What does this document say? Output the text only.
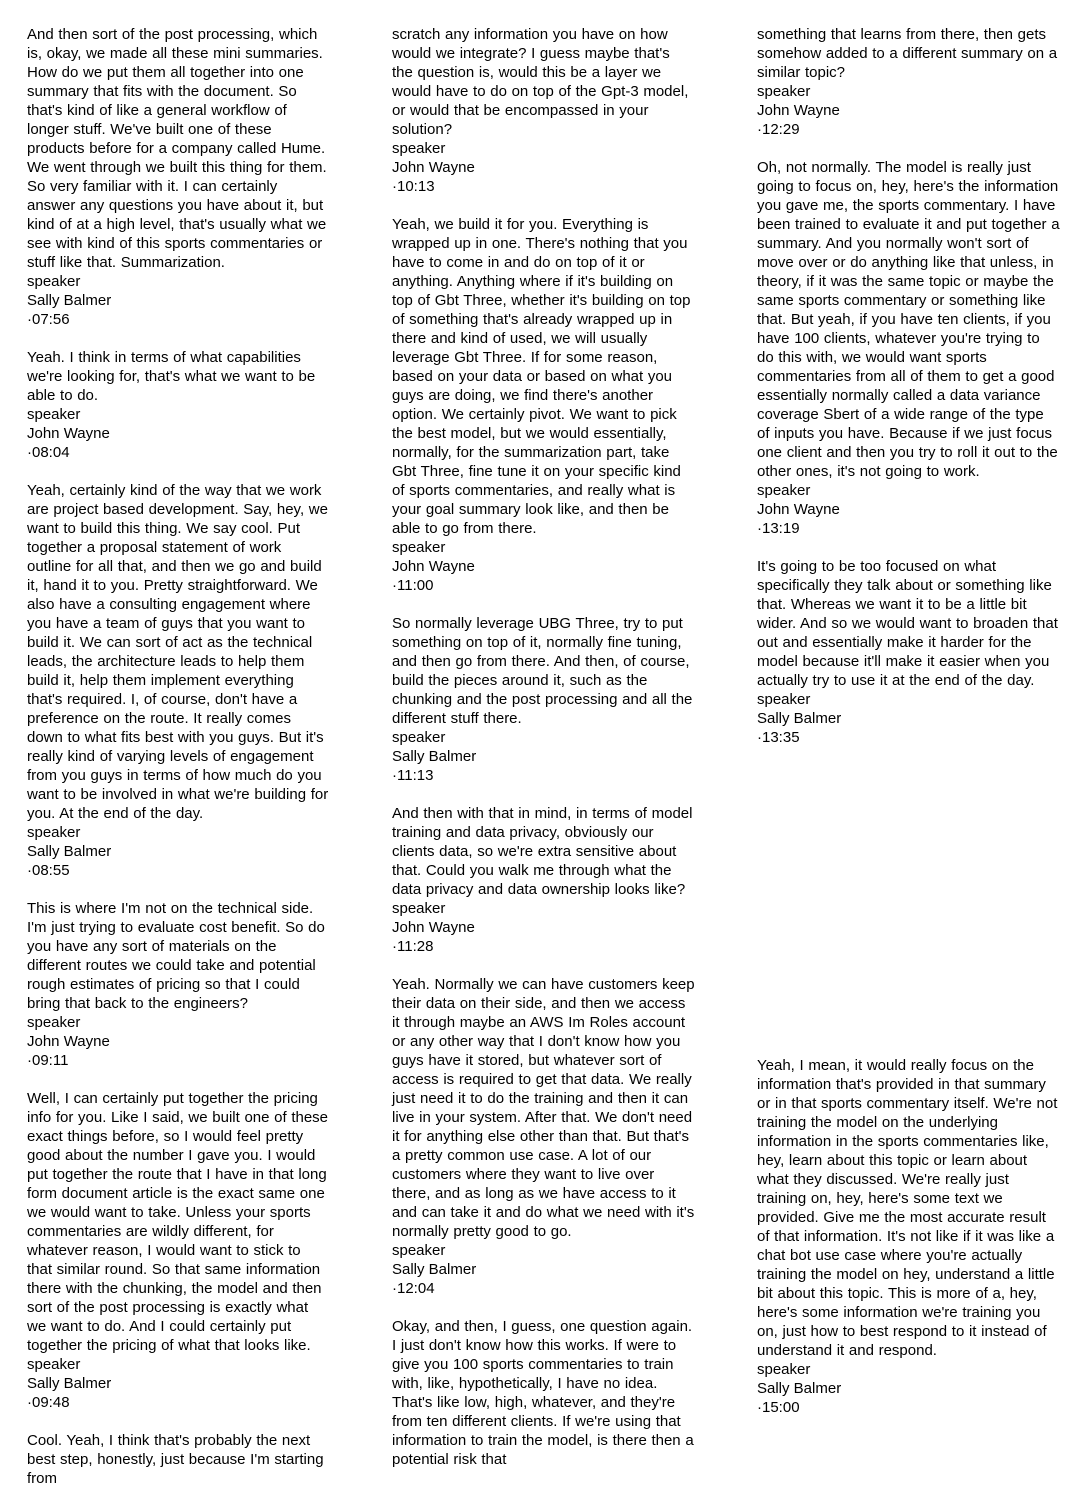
And then sort of the post processing, which is, okay, we made all these mini summaries. How do we put them all together into one summary that fits with the document. So that's kind of like a general workflow of longer stuff. We've built one of these products before for a company called Hume. We went through we built this thing for them. So very familiar with it. I can certainly answer any questions you have about it, but kind of at a high level, that's usually what we see with kind of this sports commentaries or stuff like that. Summarization.

speaker
Sally Balmer
·07:56

Yeah. I think in terms of what capabilities we're looking for, that's what we want to be able to do.

speaker
John Wayne
·08:04

Yeah, certainly kind of the way that we work are project based development. Say, hey, we want to build this thing. We say cool. Put together a proposal statement of work outline for all that, and then we go and build it, hand it to you. Pretty straightforward. We also have a consulting engagement where you have a team of guys that you want to build it. We can sort of act as the technical leads, the architecture leads to help them build it, help them implement everything that's required. I, of course, don't have a preference on the route. It really comes down to what fits best with you guys. But it's really kind of varying levels of engagement from you guys in terms of how much do you want to be involved in what we're building for you. At the end of the day.

speaker
Sally Balmer
·08:55

This is where I'm not on the technical side. I'm just trying to evaluate cost benefit. So do you have any sort of materials on the different routes we could take and potential rough estimates of pricing so that I could bring that back to the engineers?

speaker
John Wayne
·09:11

Well, I can certainly put together the pricing info for you. Like I said, we built one of these exact things before, so I would feel pretty good about the number I gave you. I would put together the route that I have in that long form document article is the exact same one we would want to take. Unless your sports commentaries are wildly different, for whatever reason, I would want to stick to that similar round. So that same information there with the chunking, the model and then sort of the post processing is exactly what we want to do. And I could certainly put together the pricing of what that looks like.

speaker
Sally Balmer
·09:48

Cool. Yeah, I think that's probably the next best step, honestly, just because I'm starting from

scratch any information you have on how would we integrate? I guess maybe that's the question is, would this be a layer we would have to do on top of the Gpt-3 model, or would that be encompassed in your solution?

speaker
John Wayne
·10:13

Yeah, we build it for you. Everything is wrapped up in one. There's nothing that you have to come in and do on top of it or anything. Anything where if it's building on top of Gbt Three, whether it's building on top of something that's already wrapped up in there and kind of used, we will usually leverage Gbt Three. If for some reason, based on your data or based on what you guys are doing, we find there's another option. We certainly pivot. We want to pick the best model, but we would essentially, normally, for the summarization part, take Gbt Three, fine tune it on your specific kind of sports commentaries, and really what is your goal summary look like, and then be able to go from there.

speaker
John Wayne
·11:00

So normally leverage UBG Three, try to put something on top of it, normally fine tuning, and then go from there. And then, of course, build the pieces around it, such as the chunking and the post processing and all the different stuff there.

speaker
Sally Balmer
·11:13

And then with that in mind, in terms of model training and data privacy, obviously our clients data, so we're extra sensitive about that. Could you walk me through what the data privacy and data ownership looks like?

speaker
John Wayne
·11:28

Yeah. Normally we can have customers keep their data on their side, and then we access it through maybe an AWS Im Roles account or any other way that I don't know how you guys have it stored, but whatever sort of access is required to get that data. We really just need it to do the training and then it can live in your system. After that. We don't need it for anything else other than that. But that's a pretty common use case. A lot of our customers where they want to live over there, and as long as we have access to it and can take it and do what we need with it's normally pretty good to go.

speaker
Sally Balmer
·12:04

Okay, and then, I guess, one question again. I just don't know how this works. If were to give you 100 sports commentaries to train with, like, hypothetically, I have no idea. That's like low, high, whatever, and they're from ten different clients. If we're using that information to train the model, is there then a potential risk that

something that learns from there, then gets somehow added to a different summary on a similar topic?

speaker
John Wayne
·12:29

Oh, not normally. The model is really just going to focus on, hey, here's the information you gave me, the sports commentary. I have been trained to evaluate it and put together a summary. And you normally won't sort of move over or do anything like that unless, in theory, if it was the same topic or maybe the same sports commentary or something like that. But yeah, if you have ten clients, if you have 100 clients, whatever you're trying to do this with, we would want sports commentaries from all of them to get a good essentially normally called a data variance coverage Sbert of a wide range of the type of inputs you have. Because if we just focus one client and then you try to roll it out to the other ones, it's not going to work.

speaker
John Wayne
·13:19

It's going to be too focused on what specifically they talk about or something like that. Whereas we want it to be a little bit wider. And so we would want to broaden that out and essentially make it harder for the model because it'll make it easier when you actually try to use it at the end of the day.

speaker
Sally Balmer
·13:35

Yeah, I mean, it would really focus on the information that's provided in that summary or in that sports commentary itself. We're not training the model on the underlying information in the sports commentaries like, hey, learn about this topic or learn about what they discussed. We're really just training on, hey, here's some text we provided. Give me the most accurate result of that information. It's not like if it was like a chat bot use case where you're actually training the model on hey, understand a little bit about this topic. This is more of a, hey, here's some information we're training you on, just how to best respond to it instead of understand it and respond.

speaker
Sally Balmer
·15:00
